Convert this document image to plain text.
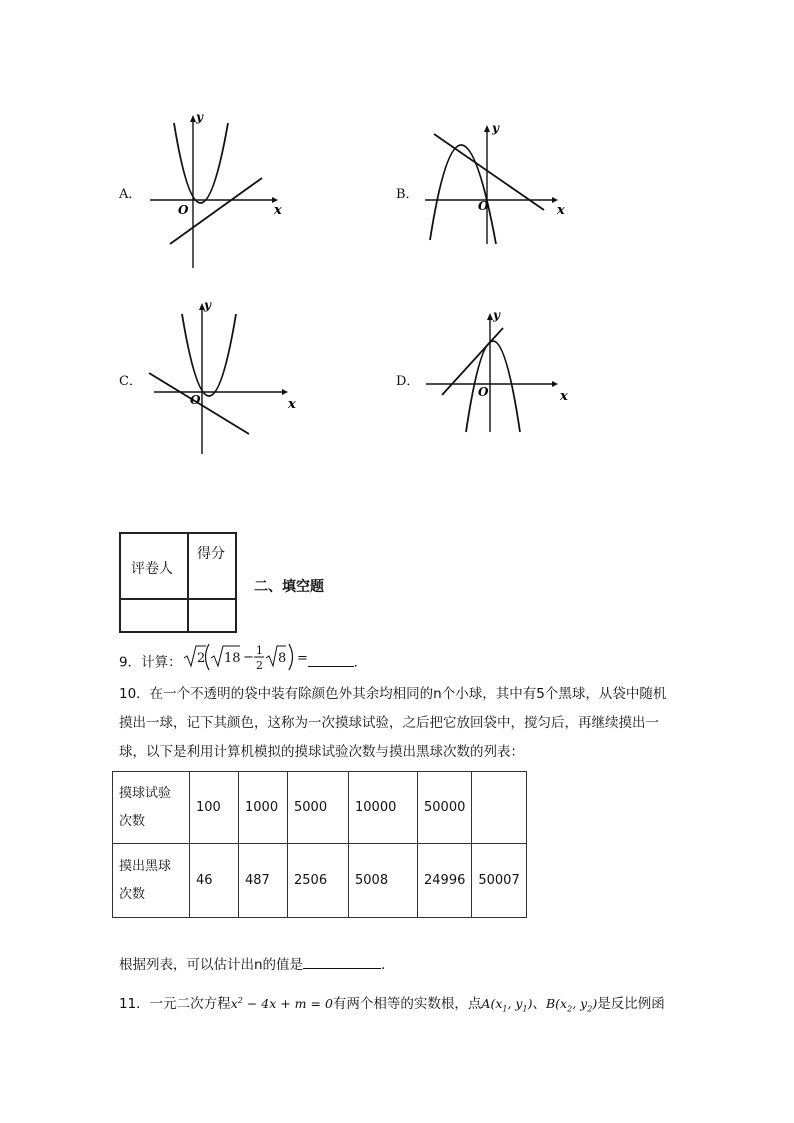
A．
x
y
O
B．
x
y
O
C．
x
y
O
D．
x
y
O
评卷人
得分
二、填空题
9．计算： 2 18 − 1
2 8 =	．
10．在一个不透明的袋中装有除颜色外其余均相同的n个小球，其中有5个黑球，从袋中随机摸出一球，记下其颜色，这称为一次摸球试验，之后把它放回袋中，搅匀后，再继续摸出一球，以下是利用计算机模拟的摸球试验次数与摸出黑球次数的列表：
摸球试验次数	100	1000	5000	10000	50000	
摸出黑球次数	46	487	2506	5008	24996	50007
根据列表，可以估计出n的值是	．
11．一元二次方程$x^2 - 4x + m = 0$有两个相等的实数根，点$A(x_1$, $y_1$)、$B(x_2$, $y_2$)是反比例函
